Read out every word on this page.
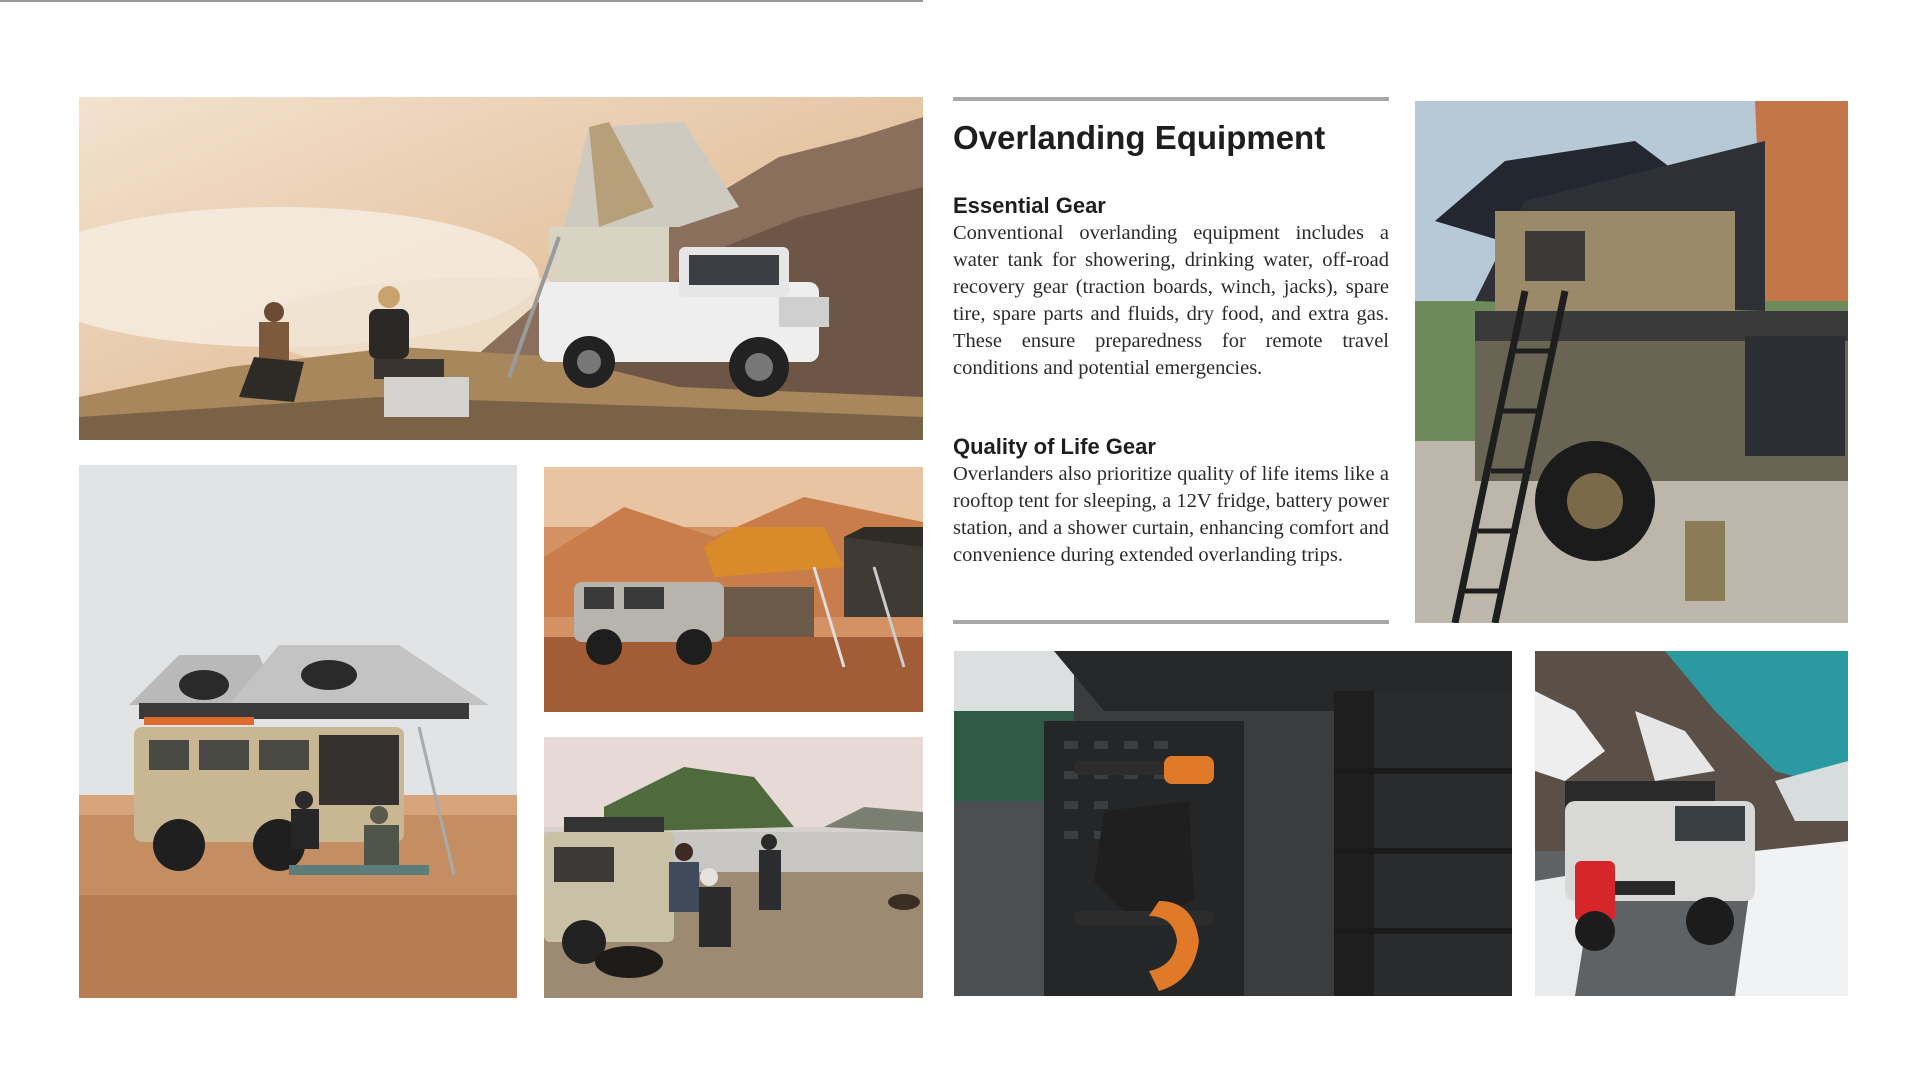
Overlanding Equipment
Essential Gear

Conventional overlanding equipment includes a water tank for showering, drinking water, off-road recovery gear (traction boards, winch, jacks), spare tire, spare parts and fluids, dry food, and extra gas. These ensure preparedness for remote travel conditions and potential emergencies.

Quality of Life Gear

Overlanders also prioritize quality of life items like a rooftop tent for sleeping, a 12V fridge, battery power station, and a shower curtain, enhancing comfort and convenience during extended overlanding trips.
